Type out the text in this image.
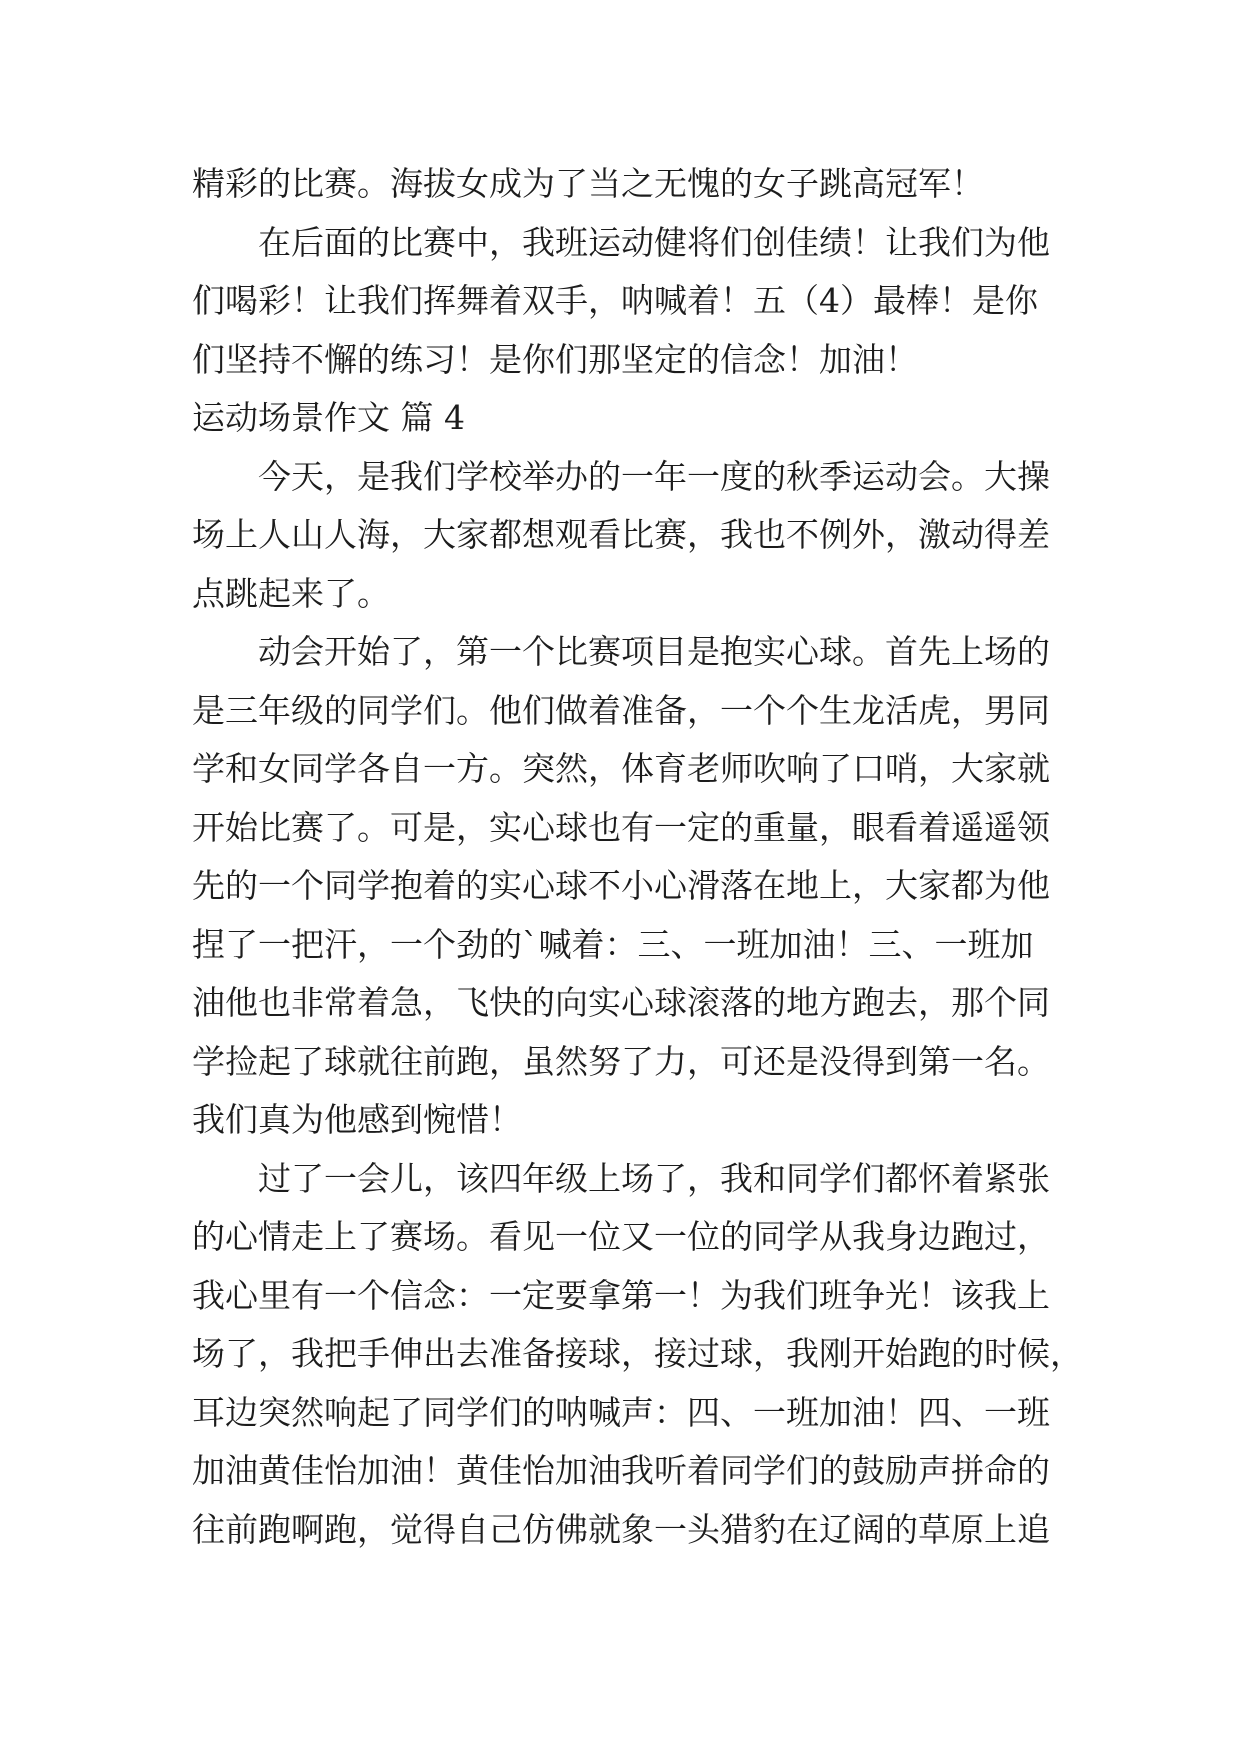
精彩的比赛。海拔女成为了当之无愧的女子跳高冠军！
在后面的比赛中，我班运动健将们创佳绩！让我们为他
们喝彩！让我们挥舞着双手，呐喊着！五（4）最棒！是你
们坚持不懈的练习！是你们那坚定的信念！加油！
运动场景作文 篇 4
今天，是我们学校举办的一年一度的秋季运动会。大操
场上人山人海，大家都想观看比赛，我也不例外，激动得差
点跳起来了。
动会开始了，第一个比赛项目是抱实心球。首先上场的
是三年级的同学们。他们做着准备，一个个生龙活虎，男同
学和女同学各自一方。突然，体育老师吹响了口哨，大家就
开始比赛了。可是，实心球也有一定的重量，眼看着遥遥领
先的一个同学抱着的实心球不小心滑落在地上，大家都为他
捏了一把汗，一个劲的`喊着：三、一班加油！三、一班加
油他也非常着急，飞快的向实心球滚落的地方跑去，那个同
学捡起了球就往前跑，虽然努了力，可还是没得到第一名。
我们真为他感到惋惜！
过了一会儿，该四年级上场了，我和同学们都怀着紧张
的心情走上了赛场。看见一位又一位的同学从我身边跑过，
我心里有一个信念：一定要拿第一！为我们班争光！该我上
场了，我把手伸出去准备接球，接过球，我刚开始跑的时候，
耳边突然响起了同学们的呐喊声：四、一班加油！四、一班
加油黄佳怡加油！黄佳怡加油我听着同学们的鼓励声拼命的
往前跑啊跑，觉得自己仿佛就象一头猎豹在辽阔的草原上追
